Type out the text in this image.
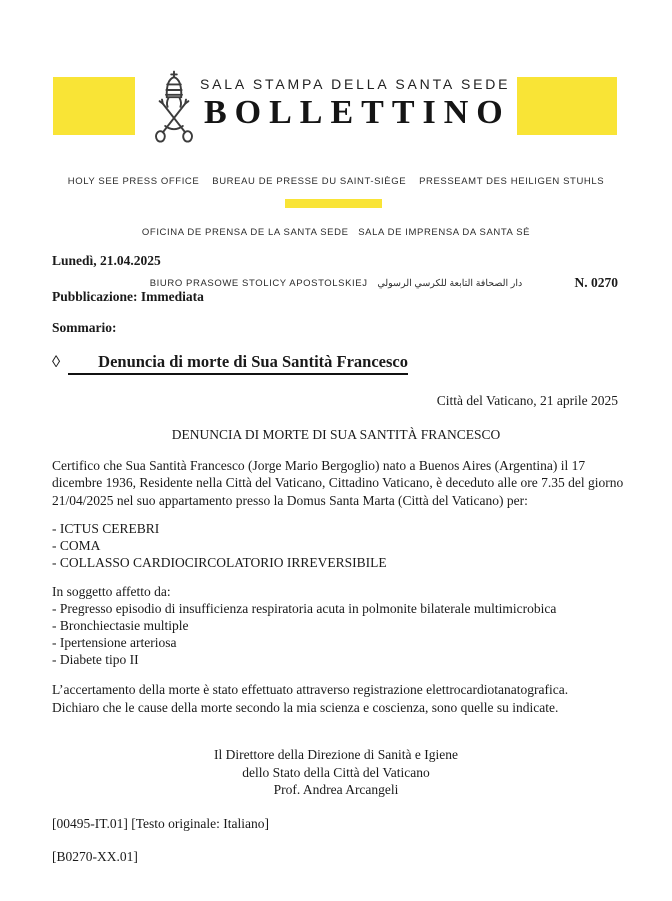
SALA STAMPA DELLA SANTA SEDE
BOLLETTINO

HOLY SEE PRESS OFFICE    BUREAU DE PRESSE DU SAINT-SIÈGE    PRESSEAMT DES HEILIGEN STUHLS

OFICINA DE PRENSA DE LA SANTA SEDE   SALA DE IMPRENSA DA SANTA SÉ

BIURO PRASOWE STOLICY APOSTOLSKIEJ   دار الصحافة التابعة للكرسي الرسولي

Lunedì, 21.04.2025
N. 0270
Pubblicazione: Immediata
Sommario:
◊ Denuncia di morte di Sua Santità Francesco
Città del Vaticano, 21 aprile 2025
DENUNCIA DI MORTE DI SUA SANTITÀ FRANCESCO
Certifico che Sua Santità Francesco (Jorge Mario Bergoglio) nato a Buenos Aires (Argentina) il 17 dicembre 1936, Residente nella Città del Vaticano, Cittadino Vaticano, è deceduto alle ore 7.35 del giorno 21/04/2025 nel suo appartamento presso la Domus Santa Marta (Città del Vaticano) per:
- ICTUS CEREBRI
- COMA
- COLLASSO CARDIOCIRCOLATORIO IRREVERSIBILE
In soggetto affetto da:
- Pregresso episodio di insufficienza respiratoria acuta in polmonite bilaterale multimicrobica
- Bronchiectasie multiple
- Ipertensione arteriosa
- Diabete tipo II
L’accertamento della morte è stato effettuato attraverso registrazione elettrocardiotanatografica.
Dichiaro che le cause della morte secondo la mia scienza e coscienza, sono quelle su indicate.
Il Direttore della Direzione di Sanità e Igiene
dello Stato della Città del Vaticano
Prof. Andrea Arcangeli
[00495-IT.01] [Testo originale: Italiano]
[B0270-XX.01]
